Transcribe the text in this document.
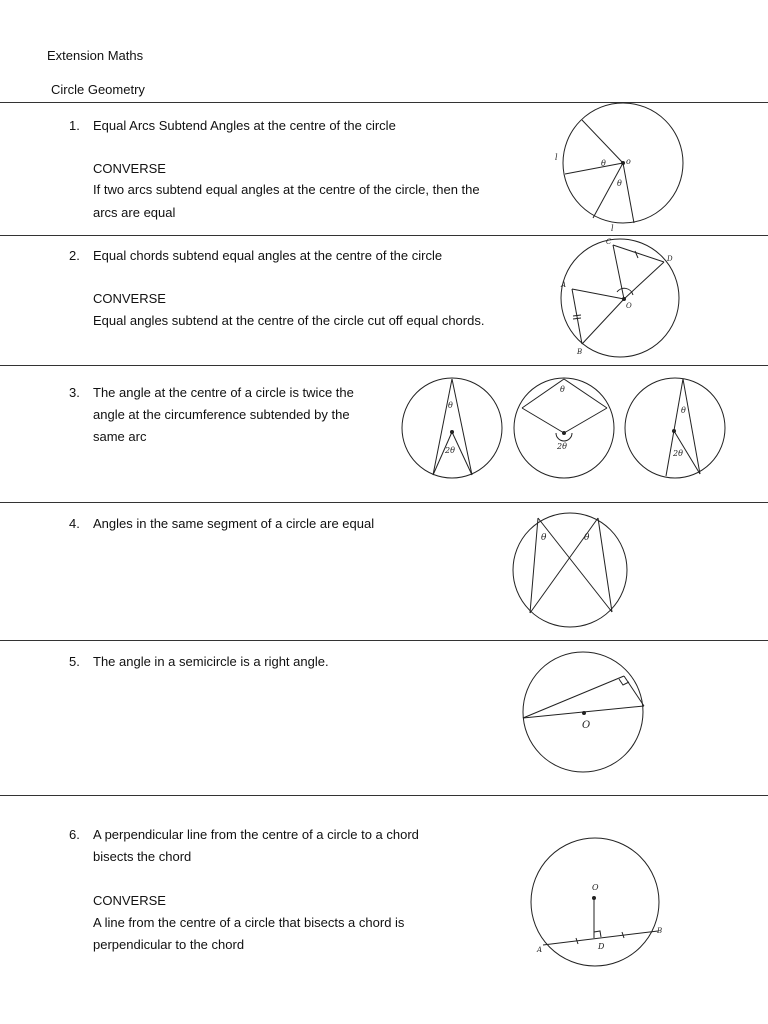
Extension Maths
Circle Geometry
1. Equal Arcs Subtend Angles at the centre of the circle
CONVERSE
If two arcs subtend equal angles at the centre of the circle, then the
arcs are equal
o
θ
θ
l
l
2. Equal chords subtend equal angles at the centre of the circle
CONVERSE
Equal angles subtend at the centre of the circle cut off equal chords.
O
C
D
A
B
3. The angle at the centre of a circle is twice the
angle at the circumference subtended by the
same arc
θ
2θ
θ
2θ
θ
2θ
4. Angles in the same segment of a circle are equal
θ	θ
5. The angle in a semicircle is a right angle.
O
6. A perpendicular line from the centre of a circle to a chord
bisects the chord
CONVERSE
A line from the centre of a circle that bisects a chord is
perpendicular to the chord
O
D
A
B
